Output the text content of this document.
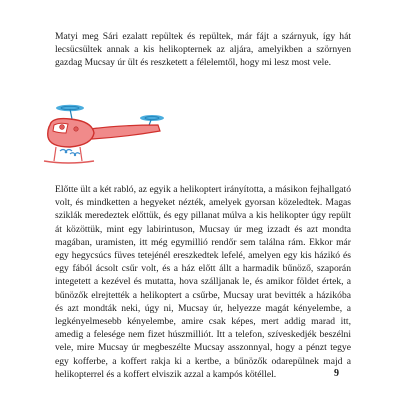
Matyi meg Sári ezalatt repültek és repültek, már fájt a szárnyuk, így hát lecsücsültek annak a kis helikopternek az aljára, amelyikben a szörnyen gazdag Mucsay úr ült és reszketett a félelemtől, hogy mi lesz most vele.

Előtte ült a két rabló, az egyik a helikoptert irányította, a másikon fejhallgató volt, és mindketten a hegyeket nézték, amelyek gyorsan közeledtek. Magas sziklák meredeztek előttük, és egy pillanat múlva a kis helikopter úgy repült át közöttük, mint egy labirintuson, Mucsay úr meg izzadt és azt mondta magában, uramisten, itt még egymillió rendőr sem találna rám. Ekkor már egy hegycsúcs füves tetejénél ereszkedtek lefelé, amelyen egy kis házikó és egy fából ácsolt csűr volt, és a ház előtt állt a harmadik bűnöző, szaporán integetett a kezével és mutatta, hova szálljanak le, és amikor földet értek, a bűnözők elrejtették a helikoptert a csűrbe, Mucsay urat bevitték a házikóba és azt mondták neki, úgy ni, Mucsay úr, helyezze magát kényelembe, a legkényelmesebb kényelembe, amire csak képes, mert addig marad itt, amedig a felesége nem fizet húszmilliót. Itt a telefon, szíveskedjék beszélni vele, mire Mucsay úr megbeszélte Mucsay asszonnyal, hogy a pénzt tegye egy kofferbe, a koffert rakja ki a kertbe, a bűnözők odarepülnek majd a helikopterrel és a koffert elviszik azzal a kampós kötéllel.	9
